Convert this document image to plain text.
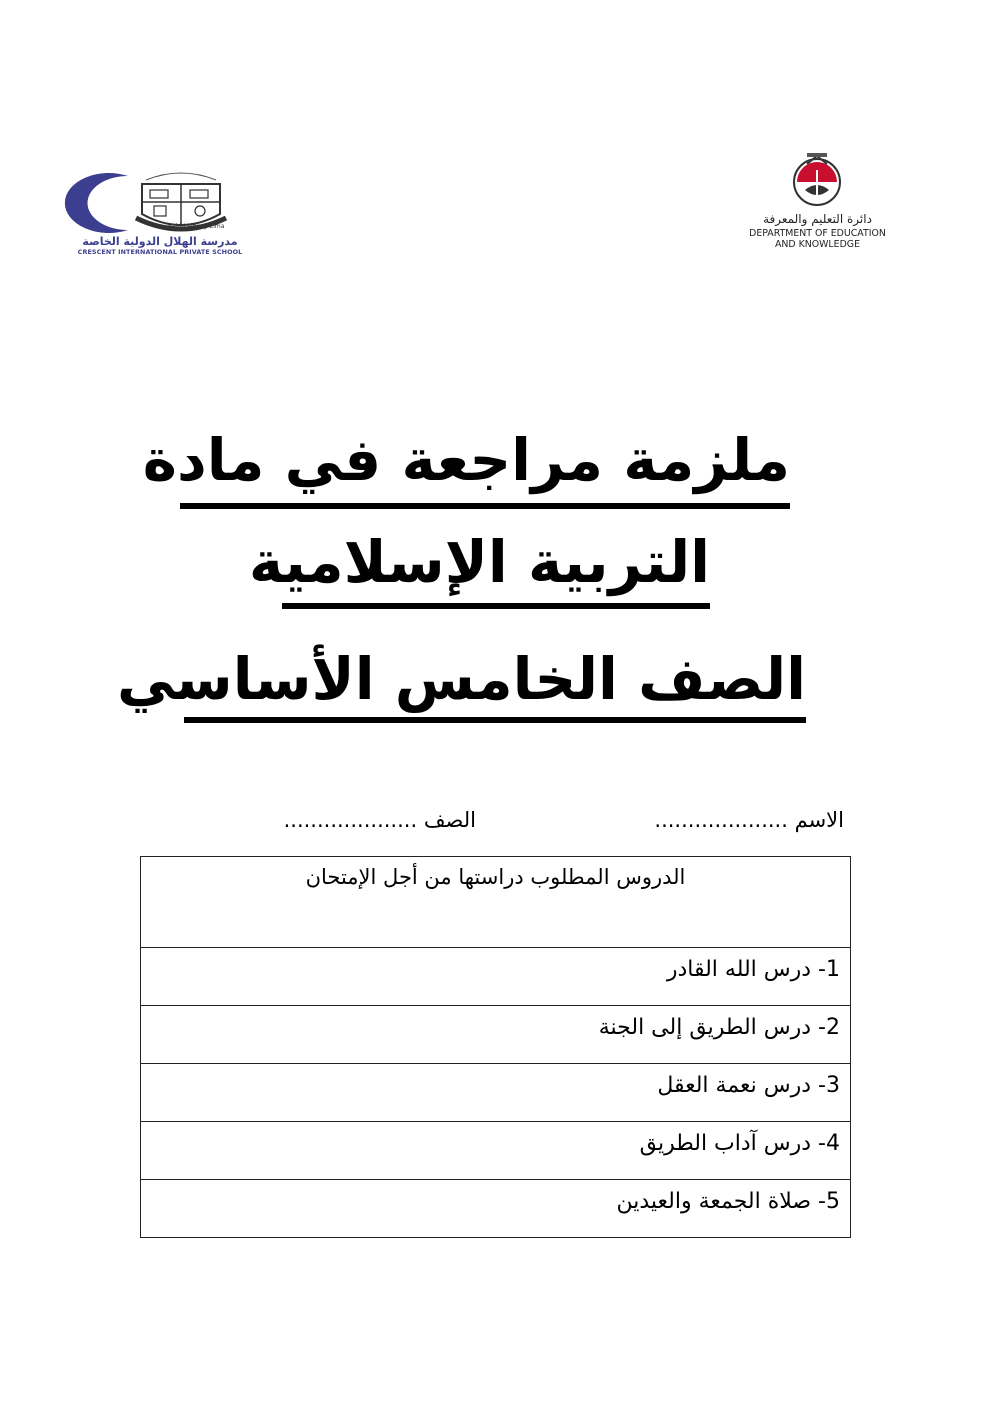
Rabbi Zidney Elma
مدرسة الهلال الدولية الخاصة
CRESCENT INTERNATIONAL PRIVATE SCHOOL
دائرة التعليم والمعرفة
DEPARTMENT OF EDUCATION
AND KNOWLEDGE
ملزمة مراجعة في مادة
التربية الإسلامية
الصف الخامس الأساسي
الاسم ....................
الصف ....................
الدروس المطلوب دراستها من أجل الإمتحان

1- درس الله القادر

2- درس الطريق إلى الجنة

3- درس نعمة العقل

4- درس آداب الطريق

5- صلاة الجمعة والعيدين
